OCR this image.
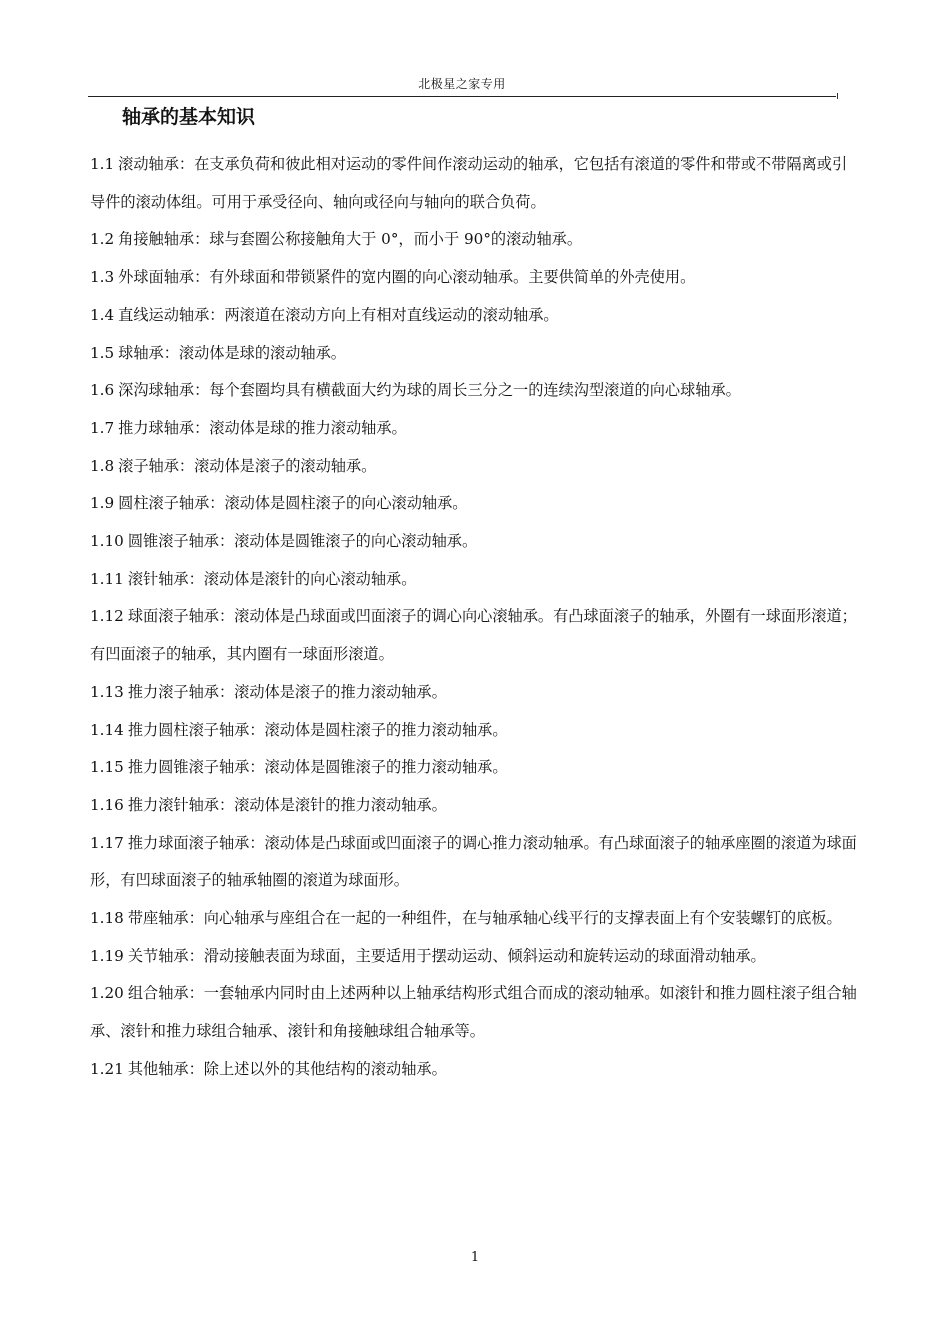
北极星之家专用
轴承的基本知识

1.1 滚动轴承：在支承负荷和彼此相对运动的零件间作滚动运动的轴承，它包括有滚道的零件和带或不带隔离或引导件的滚动体组。可用于承受径向、轴向或径向与轴向的联合负荷。

1.2 角接触轴承：球与套圈公称接触角大于 0°，而小于 90°的滚动轴承。

1.3 外球面轴承：有外球面和带锁紧件的宽内圈的向心滚动轴承。主要供简单的外壳使用。

1.4 直线运动轴承：两滚道在滚动方向上有相对直线运动的滚动轴承。

1.5 球轴承：滚动体是球的滚动轴承。

1.6 深沟球轴承：每个套圈均具有横截面大约为球的周长三分之一的连续沟型滚道的向心球轴承。

1.7 推力球轴承：滚动体是球的推力滚动轴承。

1.8 滚子轴承：滚动体是滚子的滚动轴承。

1.9 圆柱滚子轴承：滚动体是圆柱滚子的向心滚动轴承。

1.10 圆锥滚子轴承：滚动体是圆锥滚子的向心滚动轴承。

1.11 滚针轴承：滚动体是滚针的向心滚动轴承。

1.12 球面滚子轴承：滚动体是凸球面或凹面滚子的调心向心滚轴承。有凸球面滚子的轴承，外圈有一球面形滚道；有凹面滚子的轴承，其内圈有一球面形滚道。

1.13 推力滚子轴承：滚动体是滚子的推力滚动轴承。

1.14 推力圆柱滚子轴承：滚动体是圆柱滚子的推力滚动轴承。

1.15 推力圆锥滚子轴承：滚动体是圆锥滚子的推力滚动轴承。

1.16 推力滚针轴承：滚动体是滚针的推力滚动轴承。

1.17 推力球面滚子轴承：滚动体是凸球面或凹面滚子的调心推力滚动轴承。有凸球面滚子的轴承座圈的滚道为球面形，有凹球面滚子的轴承轴圈的滚道为球面形。

1.18 带座轴承：向心轴承与座组合在一起的一种组件，在与轴承轴心线平行的支撑表面上有个安装螺钉的底板。

1.19 关节轴承：滑动接触表面为球面，主要适用于摆动运动、倾斜运动和旋转运动的球面滑动轴承。

1.20 组合轴承：一套轴承内同时由上述两种以上轴承结构形式组合而成的滚动轴承。如滚针和推力圆柱滚子组合轴承、滚针和推力球组合轴承、滚针和角接触球组合轴承等。

1.21 其他轴承：除上述以外的其他结构的滚动轴承。

1
